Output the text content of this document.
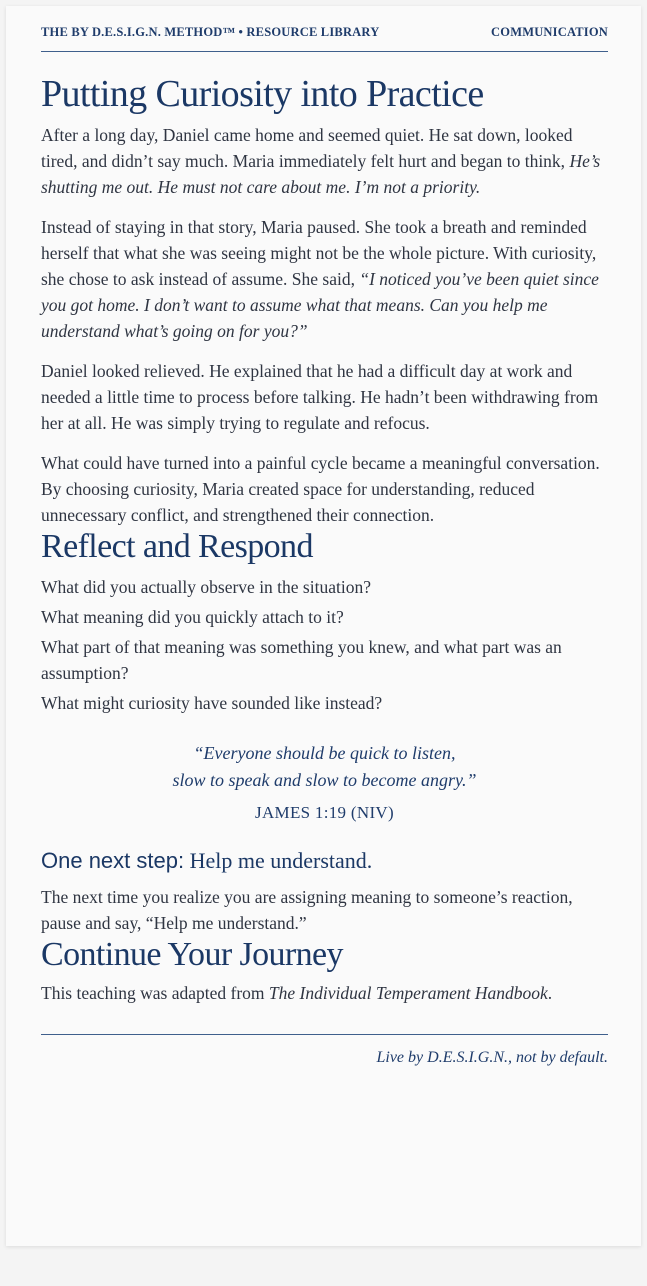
THE BY D.E.S.I.G.N. METHOD™ • RESOURCE LIBRARY	COMMUNICATION
Putting Curiosity into Practice

After a long day, Daniel came home and seemed quiet. He sat down, looked tired, and didn’t say much. Maria immediately felt hurt and began to think, He’s shutting me out. He must not care about me. I’m not a priority.

Instead of staying in that story, Maria paused. She took a breath and reminded herself that what she was seeing might not be the whole picture. With curiosity, she chose to ask instead of assume. She said, “I noticed you’ve been quiet since you got home. I don’t want to assume what that means. Can you help me understand what’s going on for you?”

Daniel looked relieved. He explained that he had a difficult day at work and needed a little time to process before talking. He hadn’t been withdrawing from her at all. He was simply trying to regulate and refocus.

What could have turned into a painful cycle became a meaningful conversation. By choosing curiosity, Maria created space for understanding, reduced unnecessary conflict, and strengthened their connection.

Reflect and Respond

What did you actually observe in the situation?

What meaning did you quickly attach to it?

What part of that meaning was something you knew, and what part was an assumption?

What might curiosity have sounded like instead?

“Everyone should be quick to listen,

slow to speak and slow to become angry.”

JAMES 1:19 (NIV)

One next step: Help me understand.

The next time you realize you are assigning meaning to someone’s reaction, pause and say, “Help me understand.”

Continue Your Journey

This teaching was adapted from The Individual Temperament Handbook.

Live by D.E.S.I.G.N., not by default.
